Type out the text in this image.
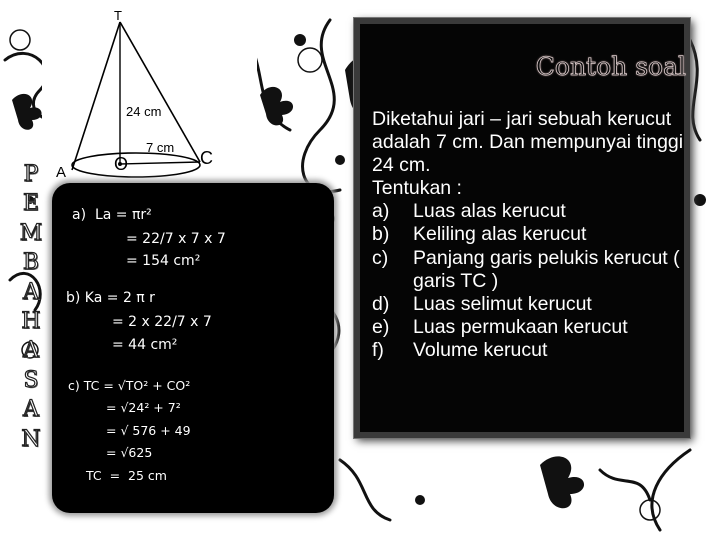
P
E
M
B
A
H
A
S
A
N
T
A	O	C
24 cm
7 cm
a)  La = πr²
= 22/7 x 7 x 7
= 154 cm²
b) Ka = 2 π r
= 2 x 22/7 x 7
= 44 cm²
c) TC = √TO² + CO²
= √24² + 7²
= √ 576 + 49
= √625
TC  =  25 cm
Contoh soal
Diketahui jari – jari sebuah kerucut adalah 7 cm. Dan mempunyai tinggi 24 cm.
Tentukan :
a)	Luas alas kerucut
b)	Keliling alas kerucut
c)	Panjang garis pelukis kerucut ( garis TC )
d)	Luas selimut kerucut
e)	Luas permukaan kerucut
f)	Volume kerucut
